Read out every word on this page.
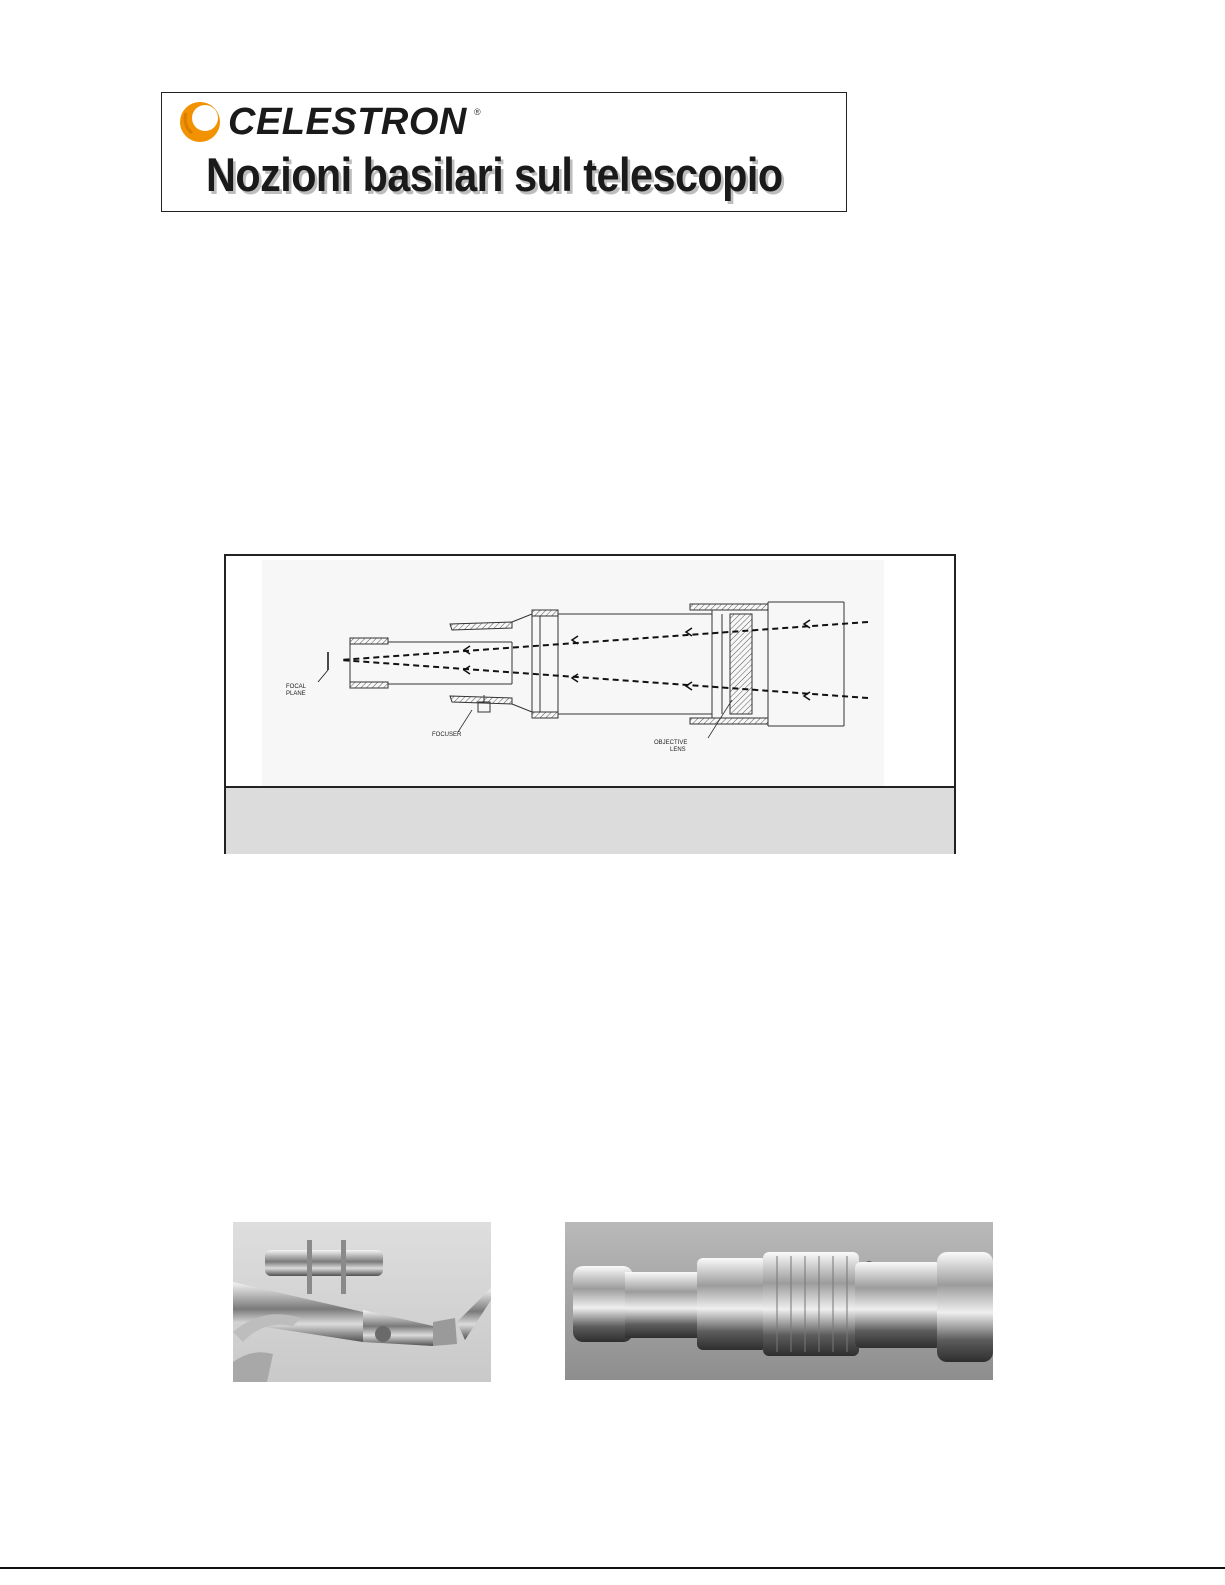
CELESTRON ®
Nozioni basilari sul telescopio
FOCAL
PLANE
FOCUSER
OBJECTIVE
LENS
